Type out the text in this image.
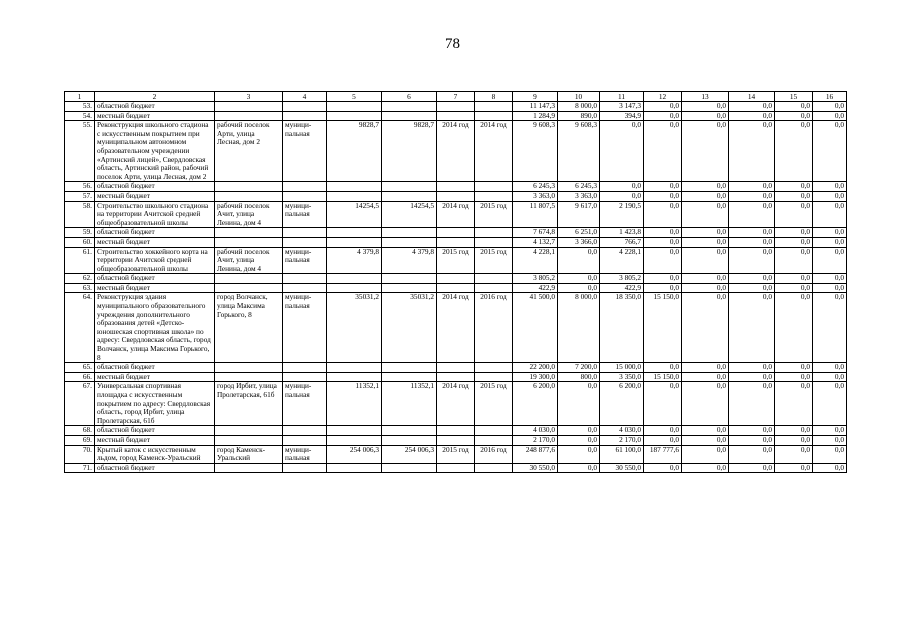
78
1	2	3	4	5	6	7	8	9	10	11	12	13	14	15	16
53.	областной бюджет							11 147,3	8 000,0	3 147,3	0,0	0,0	0,0	0,0	0,0
54.	местный бюджет							1 284,9	890,0	394,9	0,0	0,0	0,0	0,0	0,0
55.	Реконструкция школьного стадиона с искусственным покрытием при муниципальном автономном образовательном учреждении «Артинский лицей», Свердловская область, Артинский район, рабочий поселок Арти, улица Лесная, дом 2	рабочий поселок Арти, улица Лесная, дом 2	муници-пальная	9828,7	9828,7	2014 год	2014 год	9 608,3	9 608,3	0,0	0,0	0,0	0,0	0,0	0,0
56.	областной бюджет							6 245,3	6 245,3	0,0	0,0	0,0	0,0	0,0	0,0
57.	местный бюджет							3 363,0	3 363,0	0,0	0,0	0,0	0,0	0,0	0,0
58.	Строительство школьного стадиона на территории Ачитской средней общеобразовательной школы	рабочий поселок Ачит, улица Ленина, дом 4	муници-пальная	14254,5	14254,5	2014 год	2015 год	11 807,5	9 617,0	2 190,5	0,0	0,0	0,0	0,0	0,0
59.	областной бюджет							7 674,8	6 251,0	1 423,8	0,0	0,0	0,0	0,0	0,0
60.	местный бюджет							4 132,7	3 366,0	766,7	0,0	0,0	0,0	0,0	0,0
61.	Строительство хоккейного корта на территории Ачитской средней общеобразовательной школы	рабочий поселок Ачит, улица Ленина, дом 4	муници-пальная	4 379,8	4 379,8	2015 год	2015 год	4 228,1	0,0	4 228,1	0,0	0,0	0,0	0,0	0,0
62.	областной бюджет							3 805,2	0,0	3 805,2	0,0	0,0	0,0	0,0	0,0
63.	местный бюджет							422,9	0,0	422,9	0,0	0,0	0,0	0,0	0,0
64.	Реконструкция здания муниципального образовательного учреждения дополнительного образования детей «Детско-юношеская спортивная школа» по адресу: Свердловская область, город Волчанск, улица Максима Горького, 8	город Волчанск, улица Максима Горького, 8	муници-пальная	35031,2	35031,2	2014 год	2016 год	41 500,0	8 000,0	18 350,0	15 150,0	0,0	0,0	0,0	0,0
65.	областной бюджет							22 200,0	7 200,0	15 000,0	0,0	0,0	0,0	0,0	0,0
66.	местный бюджет							19 300,0	800,0	3 350,0	15 150,0	0,0	0,0	0,0	0,0
67.	Универсальная спортивная площадка с искусственным покрытием по адресу: Свердловская область, город Ирбит, улица Пролетарская, 61б	город Ирбит, улица Пролетарская, 61б	муници-пальная	11352,1	11352,1	2014 год	2015 год	6 200,0	0,0	6 200,0	0,0	0,0	0,0	0,0	0,0
68.	областной бюджет							4 030,0	0,0	4 030,0	0,0	0,0	0,0	0,0	0,0
69.	местный бюджет							2 170,0	0,0	2 170,0	0,0	0,0	0,0	0,0	0,0
70.	Крытый каток с искусственным льдом, город Каменск-Уральский	город Каменск-Уральский	муници-пальная	254 006,3	254 006,3	2015 год	2016 год	248 877,6	0,0	61 100,0	187 777,6	0,0	0,0	0,0	0,0
71.	областной бюджет							30 550,0	0,0	30 550,0	0,0	0,0	0,0	0,0	0,0
